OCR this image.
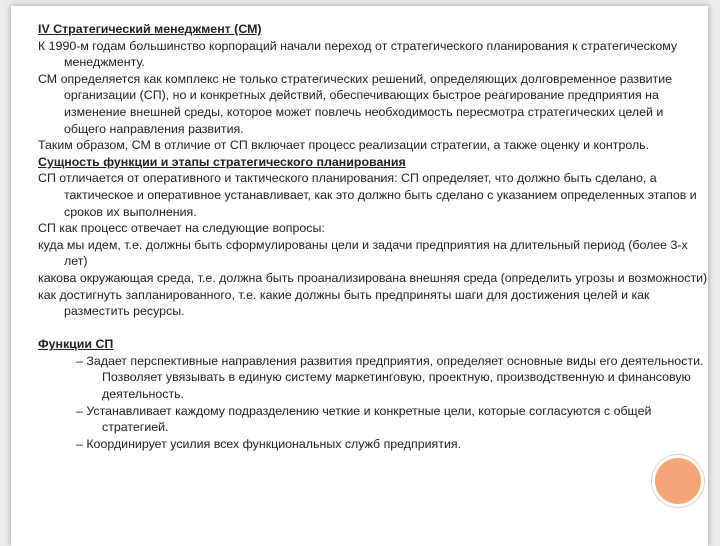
IV Стратегический менеджмент (СМ)

К 1990-м годам большинство корпораций начали переход от стратегического планирования к стратегическому менеджменту.

СМ определяется как комплекс не только стратегических решений, определяющих долговременное развитие организации (СП), но и конкретных действий, обеспечивающих быстрое реагирование предприятия на изменение внешней среды, которое может повлечь необходимость пересмотра стратегических целей и общего направления развития.

Таким образом, СМ в отличие от СП включает процесс реализации стратегии, а также оценку и контроль.

Сущность функции и этапы стратегического планирования

СП отличается от оперативного и тактического планирования: СП определяет, что должно быть сделано, а тактическое и оперативное устанавливает, как это должно быть сделано с указанием определенных этапов и сроков их выполнения.

СП как процесс отвечает на следующие вопросы:

куда мы идем, т.е. должны быть сформулированы цели и задачи предприятия на длительный период (более 3-х лет)

какова окружающая среда, т.е. должна быть проанализирована внешняя среда (определить угрозы и возможности)

как достигнуть запланированного, т.е. какие должны быть предприняты шаги для достижения целей и как разместить ресурсы.

Функции СП

– Задает перспективные направления развития предприятия, определяет основные виды его деятельности. Позволяет увязывать в единую систему маркетинговую, проектную, производственную и финансовую деятельность.

– Устанавливает каждому подразделению четкие и конкретные цели, которые согласуются с общей стратегией.

– Координирует усилия всех функциональных служб предприятия.
